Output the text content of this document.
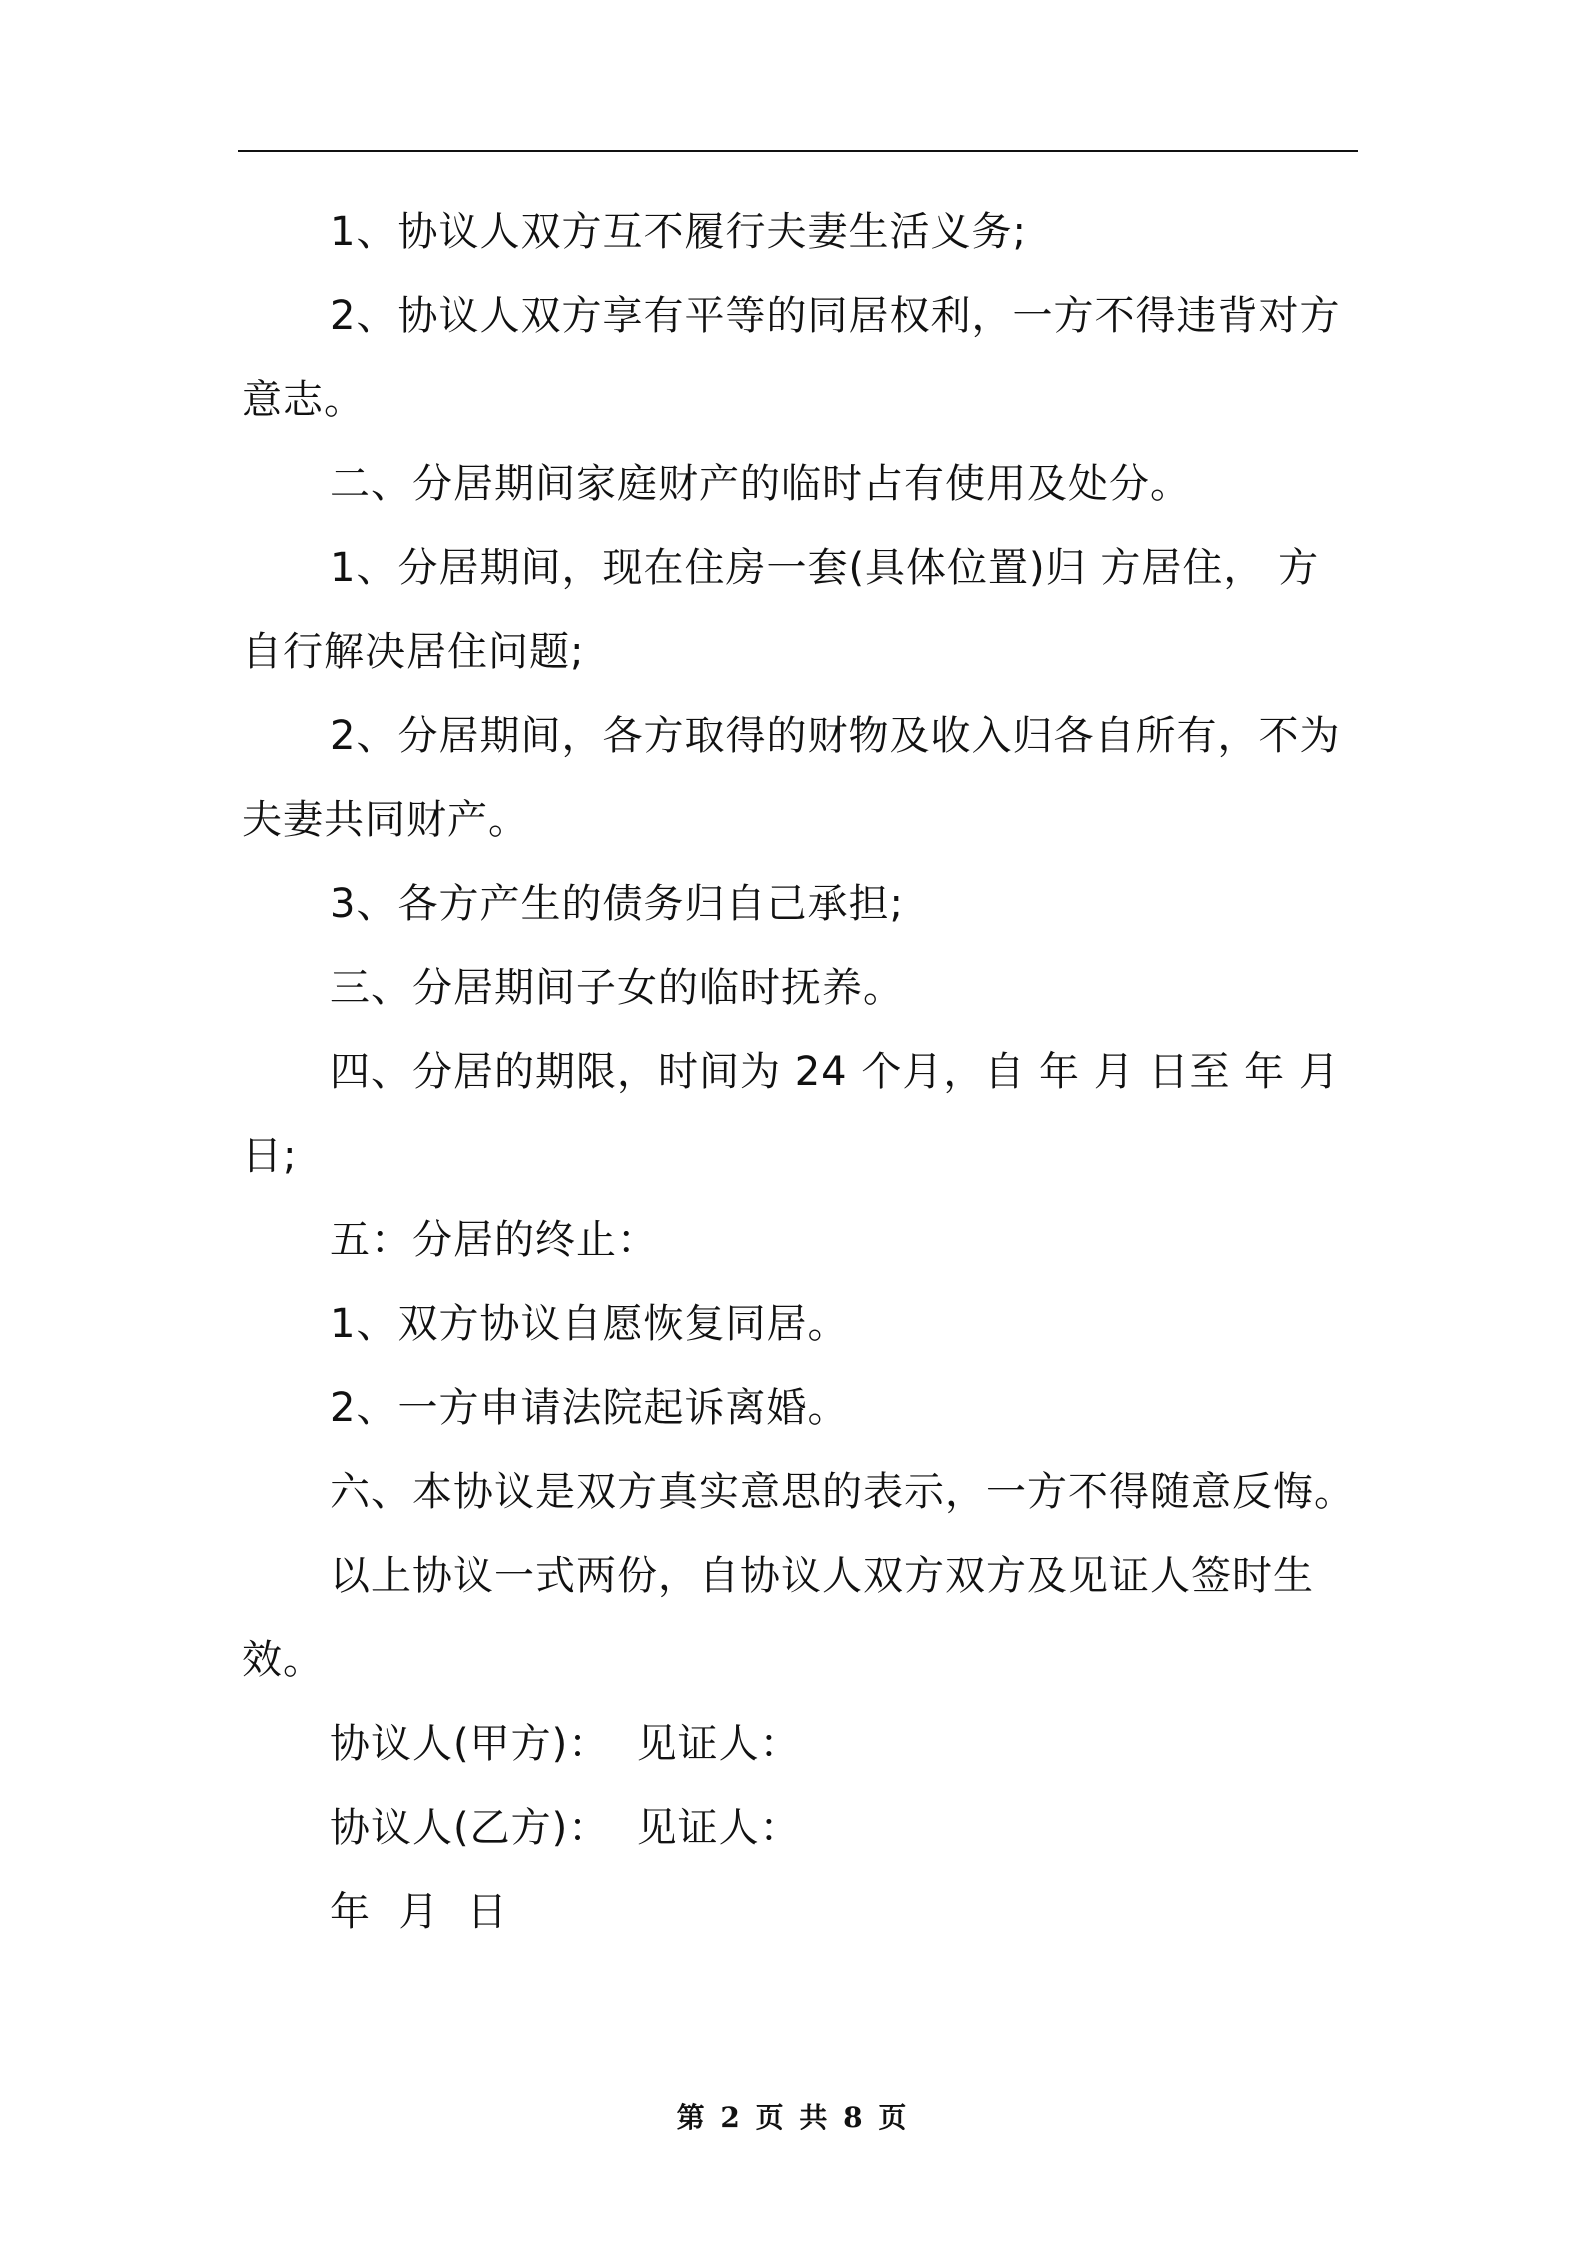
1、协议人双方互不履行夫妻生活义务;

2、协议人双方享有平等的同居权利，一方不得违背对方意志。

二、分居期间家庭财产的临时占有使用及处分。

1、分居期间，现在住房一套(具体位置)归 方居住， 方自行解决居住问题;

2、分居期间，各方取得的财物及收入归各自所有，不为夫妻共同财产。

3、各方产生的债务归自己承担;

三、分居期间子女的临时抚养。

四、分居的期限，时间为 24 个月，自 年 月 日至 年 月日;

五：分居的终止：

1、双方协议自愿恢复同居。

2、一方申请法院起诉离婚。

六、本协议是双方真实意思的表示，一方不得随意反悔。

以上协议一式两份，自协议人双方双方及见证人签时生效。

协议人(甲方)：  见证人：

协议人(乙方)：  见证人：

年  月  日

第 2 页 共 8 页
